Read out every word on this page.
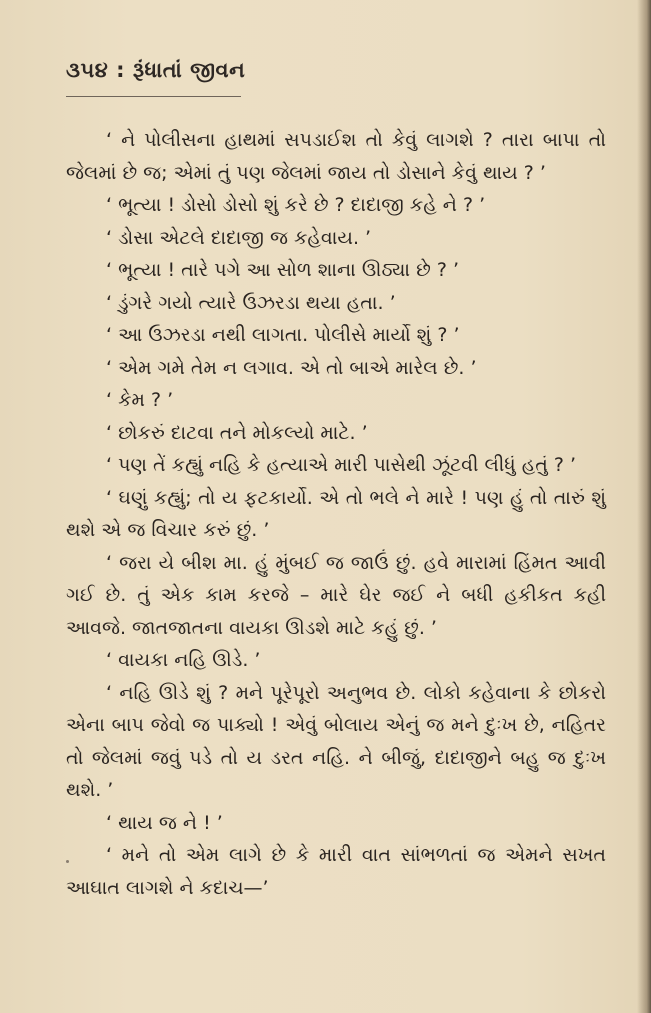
૩૫૪ : રૂંધાતાં જીવન

‘ ને પોલીસના હાથમાં સપડાઈશ તો કેવું લાગશે ? તારા બાપા તો જેલમાં છે જ; એમાં તું પણ જેલમાં જાય તો ડોસાને કેવું થાય ? ’

‘ ભૂત્યા ! ડોસો ડોસો શું કરે છે ? દાદાજી કહે ને ? ’

‘ ડોસા એટલે દાદાજી જ કહેવાય. ’

‘ ભૂત્યા ! તારે પગે આ સોળ શાના ઊઠ્યા છે ? ’

‘ ડુંગરે ગયો ત્યારે ઉઝરડા થયા હતા. ’

‘ આ ઉઝરડા નથી લાગતા. પોલીસે માર્યો શું ? ’

‘ એમ ગમે તેમ ન લગાવ. એ તો બાએ મારેલ છે. ’

‘ કેમ ? ’

‘ છોકરું દાટવા તને મોકલ્યો માટે. ’

‘ પણ તેં કહ્યું નહિ કે હત્યાએ મારી પાસેથી ઝૂંટવી લીધું હતું ? ’

‘ ઘણું કહ્યું; તો ય ફટકાર્યો. એ તો ભલે ને મારે ! પણ હું તો તારું શું થશે એ જ વિચાર કરું છું. ’

‘ જરા યે બીશ મા. હું મુંબઈ જ જાઉં છું. હવે મારામાં હિંમત આવી ગઈ છે. તું એક કામ કરજે – મારે ઘેર જઈ ને બધી હકીકત કહી આવજે. જાતજાતના વાયકા ઊડશે માટે કહું છું. ’

‘ વાયકા નહિ ઊડે. ’

‘ નહિ ઊડે શું ? મને પૂરેપૂરો અનુભવ છે. લોકો કહેવાના કે છોકરો એના બાપ જેવો જ પાક્યો ! એવું બોલાય એનું જ મને દુઃખ છે, નહિતર તો જેલમાં જવું પડે તો ય ડરત નહિ. ને બીજું, દાદાજીને બહુ જ દુઃખ થશે. ’

‘ થાય જ ને ! ’

‘ મને તો એમ લાગે છે કે મારી વાત સાંભળતાં જ એમને સખત આઘાત લાગશે ને કદાચ—’
